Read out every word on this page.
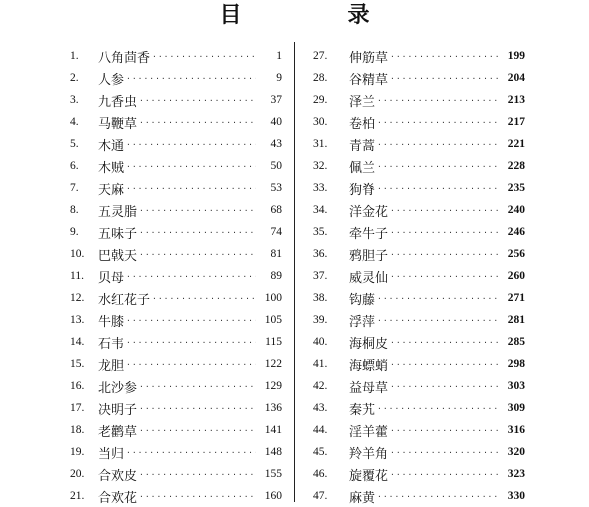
目　录
1.	八角茴香 ·····	1
2.	人参 ·····	9
3.	九香虫 ·····	37
4.	马鞭草 ·····	40
5.	木通 ·····	43
6.	木贼 ·····	50
7.	天麻 ·····	53
8.	五灵脂 ·····	68
9.	五味子 ·····	74
10.	巴戟天 ·····	81
11.	贝母 ·····	89
12.	水红花子 ·····	100
13.	牛膝 ·····	105
14.	石韦 ·····	115
15.	龙胆 ·····	122
16.	北沙参 ·····	129
17.	决明子 ·····	136
18.	老鹳草 ·····	141
19.	当归 ·····	148
20.	合欢皮 ·····	155
21.	合欢花 ·····	160
27.	伸筋草 ·····	199
28.	谷精草 ·····	204
29.	泽兰 ·····	213
30.	卷柏 ·····	217
31.	青蒿 ·····	221
32.	佩兰 ·····	228
33.	狗脊 ·····	235
34.	洋金花 ·····	240
35.	牵牛子 ·····	246
36.	鸦胆子 ·····	256
37.	威灵仙 ·····	260
38.	钩藤 ·····	271
39.	浮萍 ·····	281
40.	海桐皮 ·····	285
41.	海螵蛸 ·····	298
42.	益母草 ·····	303
43.	秦艽 ·····	309
44.	淫羊藿 ·····	316
45.	羚羊角 ·····	320
46.	旋覆花 ·····	323
47.	麻黄 ·····	330
